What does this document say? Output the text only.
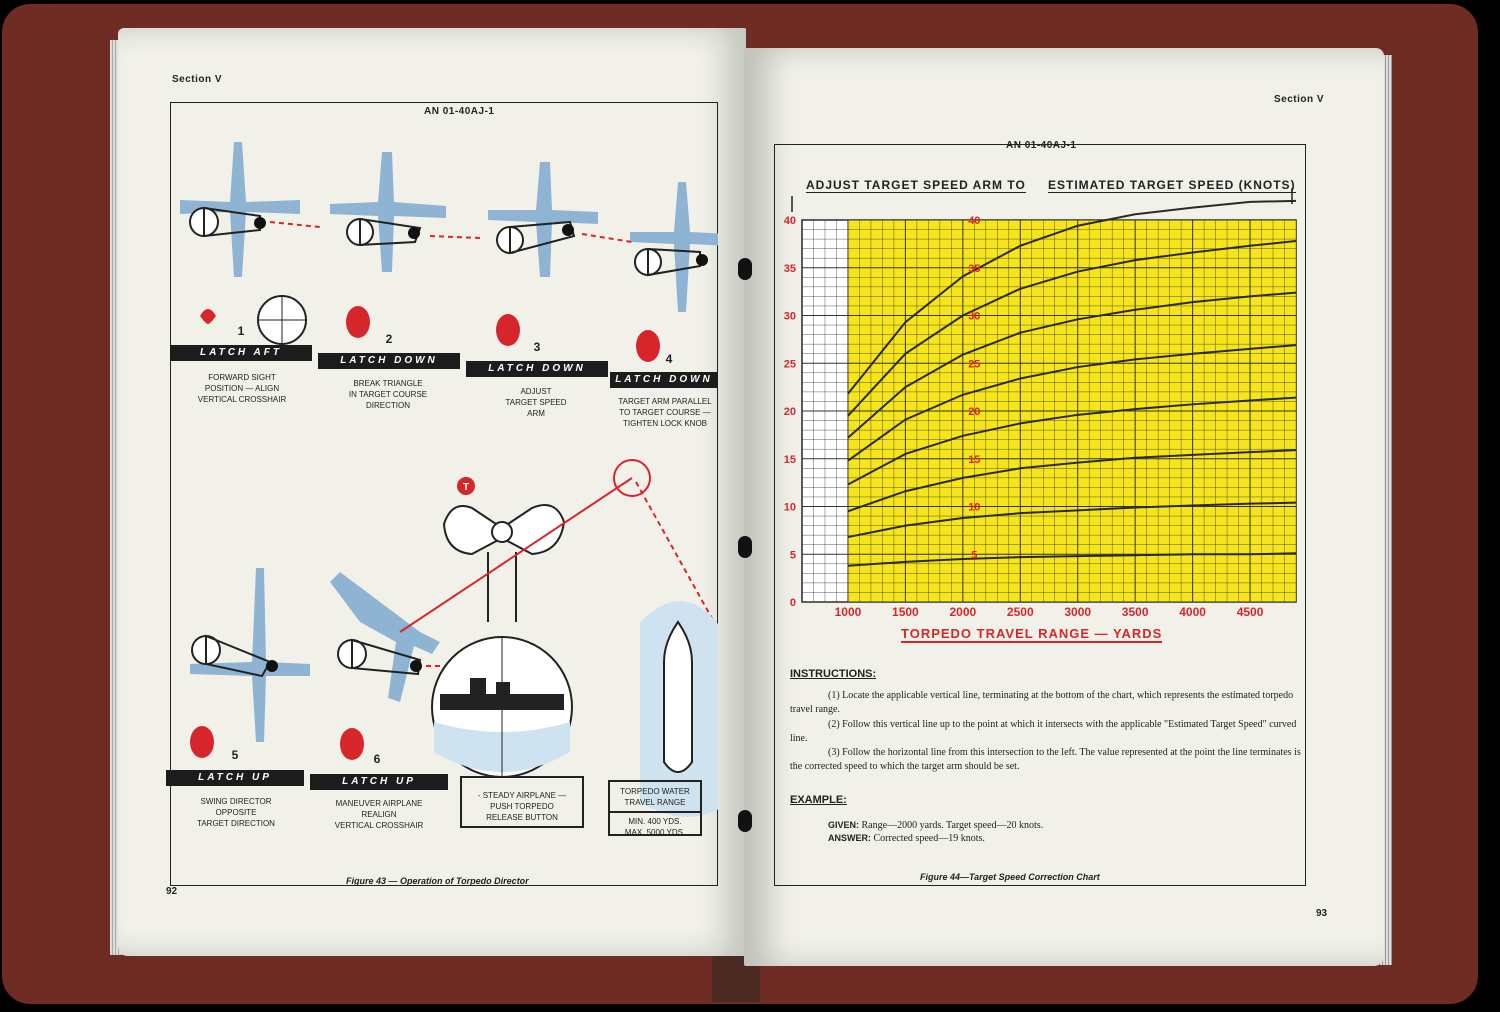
Section V
AN 01-40AJ-1
T
1
2
3
4
LATCH AFT
LATCH DOWN
LATCH DOWN
LATCH DOWN
FORWARD SIGHT
POSITION — ALIGN
VERTICAL CROSSHAIR
BREAK TRIANGLE
IN TARGET COURSE
DIRECTION
ADJUST
TARGET SPEED
ARM
TARGET ARM PARALLEL
TO TARGET COURSE —
TIGHTEN LOCK KNOB
5	6
LATCH UP	LATCH UP
SWING DIRECTOR
OPPOSITE
TARGET DIRECTION
MANEUVER AIRPLANE
REALIGN
VERTICAL CROSSHAIR
- STEADY AIRPLANE —
PUSH TORPEDO
RELEASE BUTTON
TORPEDO WATER
TRAVEL RANGE
MIN. 400 YDS.
MAX. 5000 YDS.
Figure 43 — Operation of Torpedo Director
92
Section V
AN 01-40AJ-1
ADJUST TARGET SPEED ARM TO ESTIMATED TARGET SPEED (KNOTS)
0
5
10
15
20
25
30
35
40
1000	1500	2000	2500	3000	3500	4000	4500
5
10
15
20
25
30
35
40
TORPEDO TRAVEL RANGE — YARDS
INSTRUCTIONS:
(1) Locate the applicable vertical line, terminating at the bottom of the chart, which represents the estimated torpedo travel range.
(2) Follow this vertical line up to the point at which it intersects with the applicable "Estimated Target Speed" curved line.
(3) Follow the horizontal line from this intersection to the left. The value represented at the point the line terminates is the corrected speed to which the target arm should be set.
EXAMPLE:
GIVEN: Range—2000 yards. Target speed—20 knots.
ANSWER: Corrected speed—19 knots.
Figure 44—Target Speed Correction Chart
93
